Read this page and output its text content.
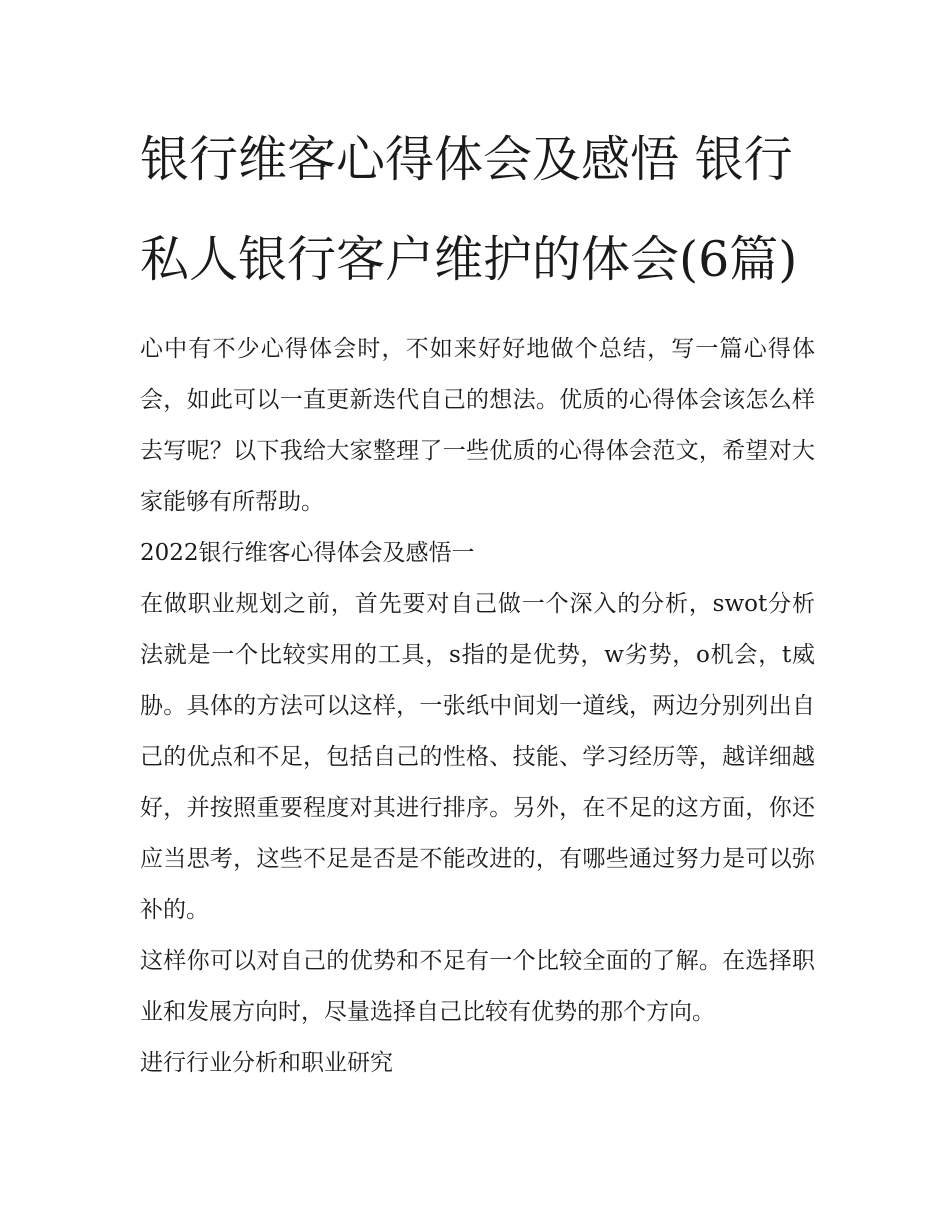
银行维客心得体会及感悟 银行私人银行客户维护的体会(6篇)

心中有不少心得体会时，不如来好好地做个总结，写一篇心得体会，如此可以一直更新迭代自己的想法。优质的心得体会该怎么样去写呢？以下我给大家整理了一些优质的心得体会范文，希望对大家能够有所帮助。

2022银行维客心得体会及感悟一

在做职业规划之前，首先要对自己做一个深入的分析，swot分析法就是一个比较实用的工具，s指的是优势，w劣势，o机会，t威胁。具体的方法可以这样，一张纸中间划一道线，两边分别列出自己的优点和不足，包括自己的性格、技能、学习经历等，越详细越好，并按照重要程度对其进行排序。另外，在不足的这方面，你还应当思考，这些不足是否是不能改进的，有哪些通过努力是可以弥补的。

这样你可以对自己的优势和不足有一个比较全面的了解。在选择职业和发展方向时，尽量选择自己比较有优势的那个方向。

进行行业分析和职业研究
